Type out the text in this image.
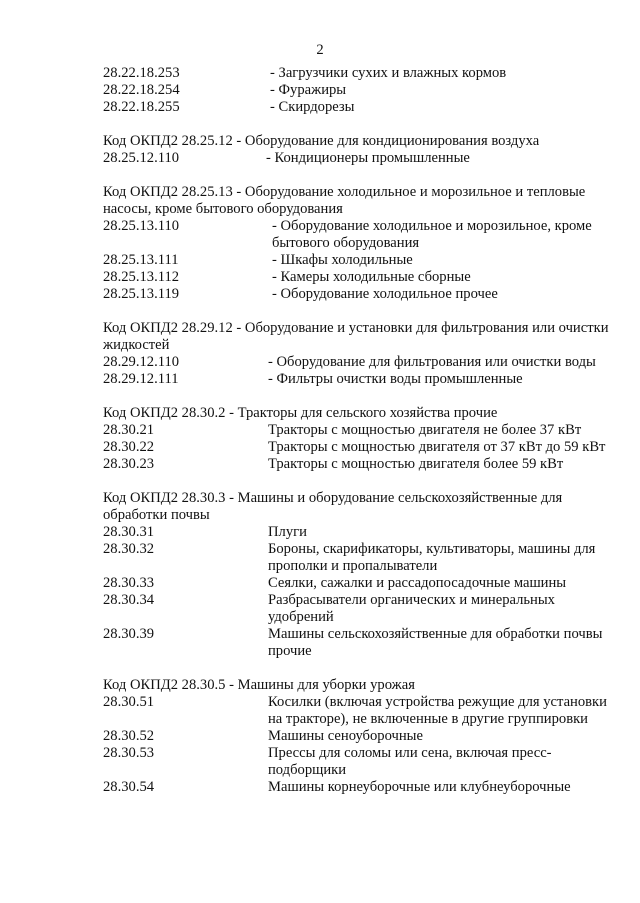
2
28.22.18.253	- Загрузчики сухих и влажных кормов
28.22.18.254	- Фуражиры
28.22.18.255	- Скирдорезы
Код ОКПД2 28.25.12 - Оборудование для кондиционирования воздуха
28.25.12.110	- Кондиционеры промышленные
Код ОКПД2 28.25.13 - Оборудование холодильное и морозильное и тепловые насосы, кроме бытового оборудования
28.25.13.110	- Оборудование холодильное и морозильное, кроме бытового оборудования
28.25.13.111	- Шкафы холодильные
28.25.13.112	- Камеры холодильные сборные
28.25.13.119	- Оборудование холодильное прочее
Код ОКПД2 28.29.12 - Оборудование и установки для фильтрования или очистки жидкостей
28.29.12.110	- Оборудование для фильтрования или очистки воды
28.29.12.111	- Фильтры очистки воды промышленные
Код ОКПД2 28.30.2 - Тракторы для сельского хозяйства прочие
28.30.21	Тракторы с мощностью двигателя не более 37 кВт
28.30.22	Тракторы с мощностью двигателя от 37 кВт до 59 кВт
28.30.23	Тракторы с мощностью двигателя более 59 кВт
Код ОКПД2 28.30.3 - Машины и оборудование сельскохозяйственные для обработки почвы
28.30.31	Плуги
28.30.32	Бороны, скарификаторы, культиваторы, машины для прополки и пропалыватели
28.30.33	Сеялки, сажалки и рассадопосадочные машины
28.30.34	Разбрасыватели органических и минеральных удобрений
28.30.39	Машины сельскохозяйственные для обработки почвы прочие
Код ОКПД2 28.30.5 - Машины для уборки урожая
28.30.51	Косилки (включая устройства режущие для установки на тракторе), не включенные в другие группировки
28.30.52	Машины сеноуборочные
28.30.53	Прессы для соломы или сена, включая пресс-подборщики
28.30.54	Машины корнеуборочные или клубнеуборочные
